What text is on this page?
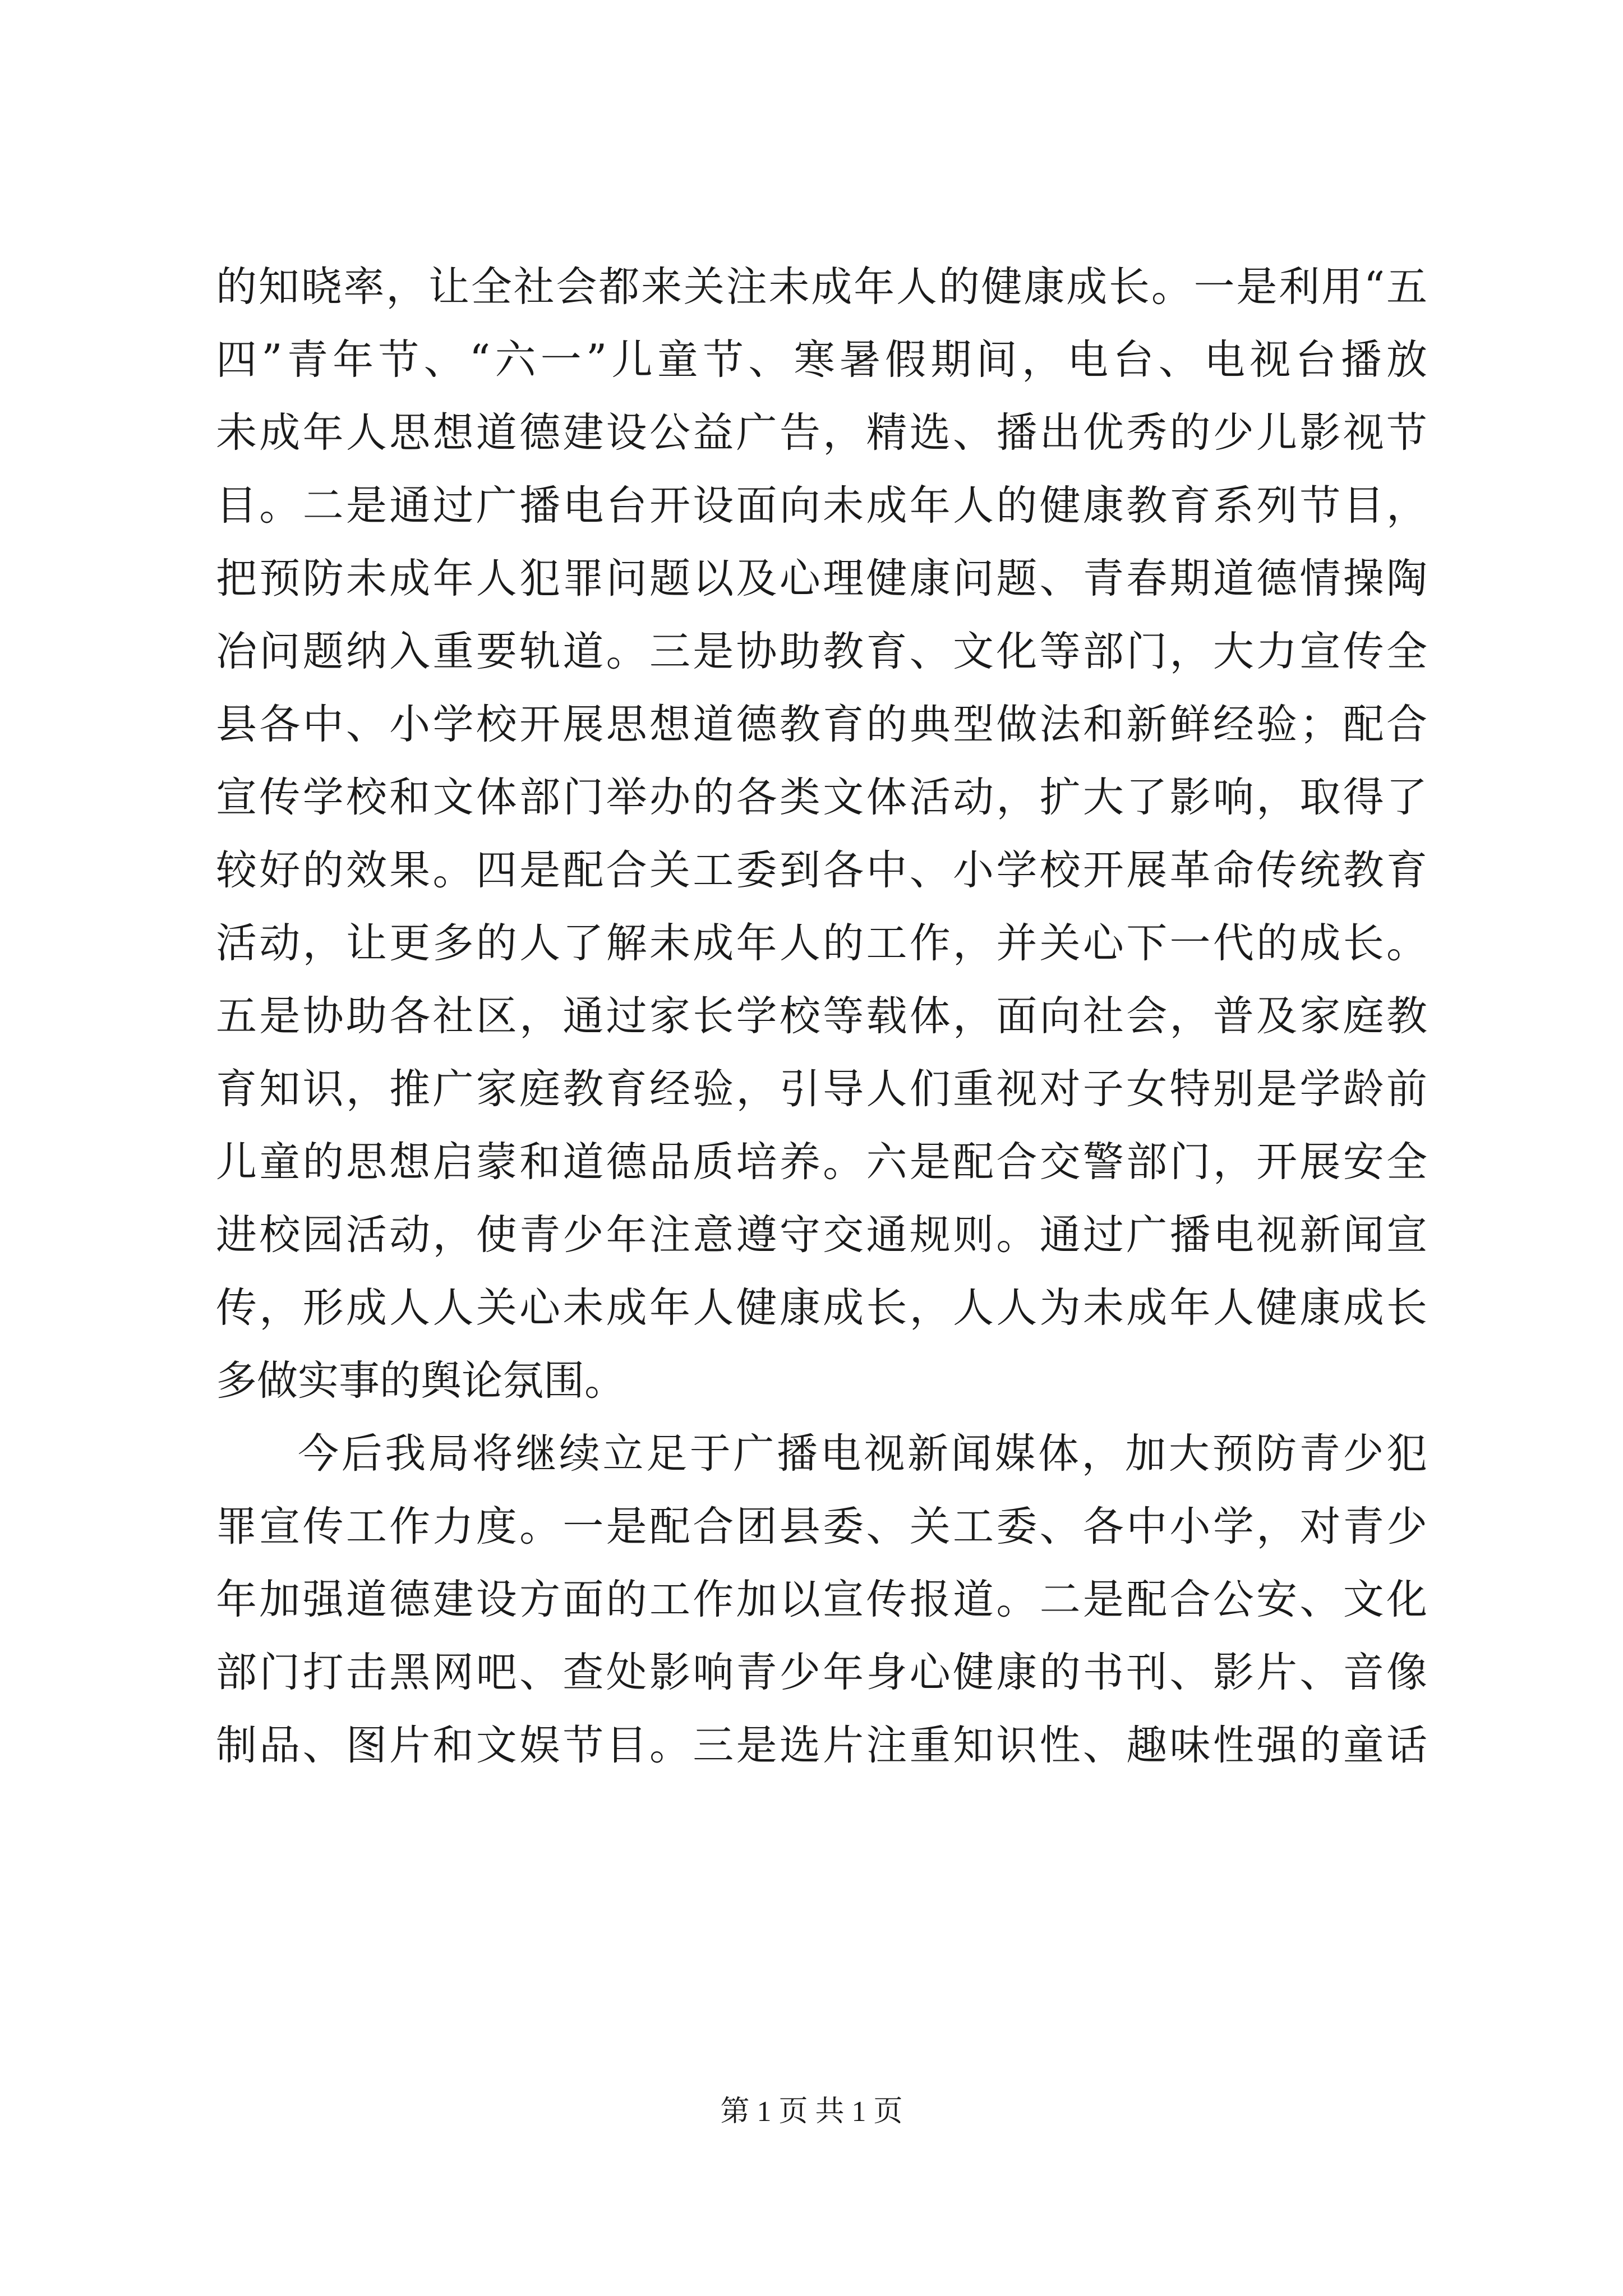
的知晓率，让全社会都来关注未成年人的健康成长。一是利用“五
四”青年节、“六一”儿童节、寒暑假期间，电台、电视台播放
未成年人思想道德建设公益广告，精选、播出优秀的少儿影视节
目。二是通过广播电台开设面向未成年人的健康教育系列节目，
把预防未成年人犯罪问题以及心理健康问题、青春期道德情操陶
冶问题纳入重要轨道。三是协助教育、文化等部门，大力宣传全
县各中、小学校开展思想道德教育的典型做法和新鲜经验；配合
宣传学校和文体部门举办的各类文体活动，扩大了影响，取得了
较好的效果。四是配合关工委到各中、小学校开展革命传统教育
活动，让更多的人了解未成年人的工作，并关心下一代的成长。
五是协助各社区，通过家长学校等载体，面向社会，普及家庭教
育知识，推广家庭教育经验，引导人们重视对子女特别是学龄前
儿童的思想启蒙和道德品质培养。六是配合交警部门，开展安全
进校园活动，使青少年注意遵守交通规则。通过广播电视新闻宣
传，形成人人关心未成年人健康成长，人人为未成年人健康成长
多做实事的舆论氛围。
今后我局将继续立足于广播电视新闻媒体，加大预防青少犯
罪宣传工作力度。一是配合团县委、关工委、各中小学，对青少
年加强道德建设方面的工作加以宣传报道。二是配合公安、文化
部门打击黑网吧、查处影响青少年身心健康的书刊、影片、音像
制品、图片和文娱节目。三是选片注重知识性、趣味性强的童话
第 1 页 共 1 页
